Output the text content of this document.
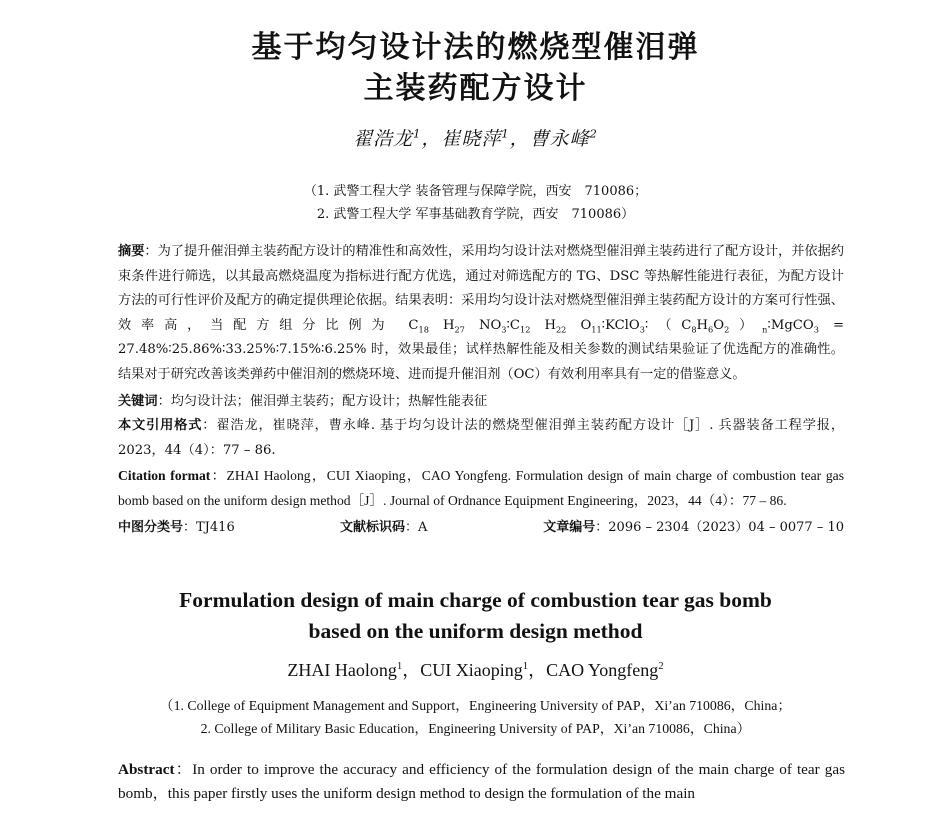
基于均匀设计法的燃烧型催泪弹
主装药配方设计
翟浩龙$^1$，崔晓萍$^1$，曹永峰$^2$
（1. 武警工程大学 装备管理与保障学院，西安　710086；
2. 武警工程大学 军事基础教育学院，西安　710086）
摘要：为了提升催泪弹主装药配方设计的精准性和高效性，采用均匀设计法对燃烧型催泪弹主装药进行了配方设计，并依据约束条件进行筛选，以其最高燃烧温度为指标进行配方优选，通过对筛选配方的 TG、DSC 等热解性能进行表征，为配方设计方法的可行性评价及配方的确定提供理论依据。结果表明：采用均匀设计法对燃烧型催泪弹主装药配方设计的方案可行性强、效率高，当配方组分比例为 $C_{18}$ $H_{27}$ $NO_3∶C_{12}$ $H_{22}$ $O_{11}∶KClO_3∶(C_8H_6O_2)_n∶MgCO_3$ = 27.48%∶25.86%∶33.25%∶7.15%∶6.25% 时，效果最佳；试样热解性能及相关参数的测试结果验证了优选配方的准确性。结果对于研究改善该类弹药中催泪剂的燃烧环境、进而提升催泪剂（OC）有效利用率具有一定的借鉴意义。
关键词：均匀设计法；催泪弹主装药；配方设计；热解性能表征
本文引用格式：翟浩龙，崔晓萍，曹永峰. 基于均匀设计法的燃烧型催泪弹主装药配方设计［J］. 兵器装备工程学报，2023，44（4）：77 – 86.
Citation format：ZHAI Haolong，CUI Xiaoping，CAO Yongfeng. Formulation design of main charge of combustion tear gas bomb based on the uniform design method［J］. Journal of Ordnance Equipment Engineering，2023，44（4）：77 – 86.
中图分类号：TJ416	文献标识码：A	文章编号：2096 – 2304（2023）04 – 0077 – 10
Formulation design of main charge of combustion tear gas bomb
based on the uniform design method
ZHAI Haolong$^1$，CUI Xiaoping$^1$，CAO Yongfeng$^2$
（1. College of Equipment Management and Support，Engineering University of PAP，Xi’an 710086，China；
2. College of Military Basic Education，Engineering University of PAP，Xi’an 710086，China）
Abstract：In order to improve the accuracy and efficiency of the formulation design of the main charge of tear gas bomb，this paper firstly uses the uniform design method to design the formulation of the main
